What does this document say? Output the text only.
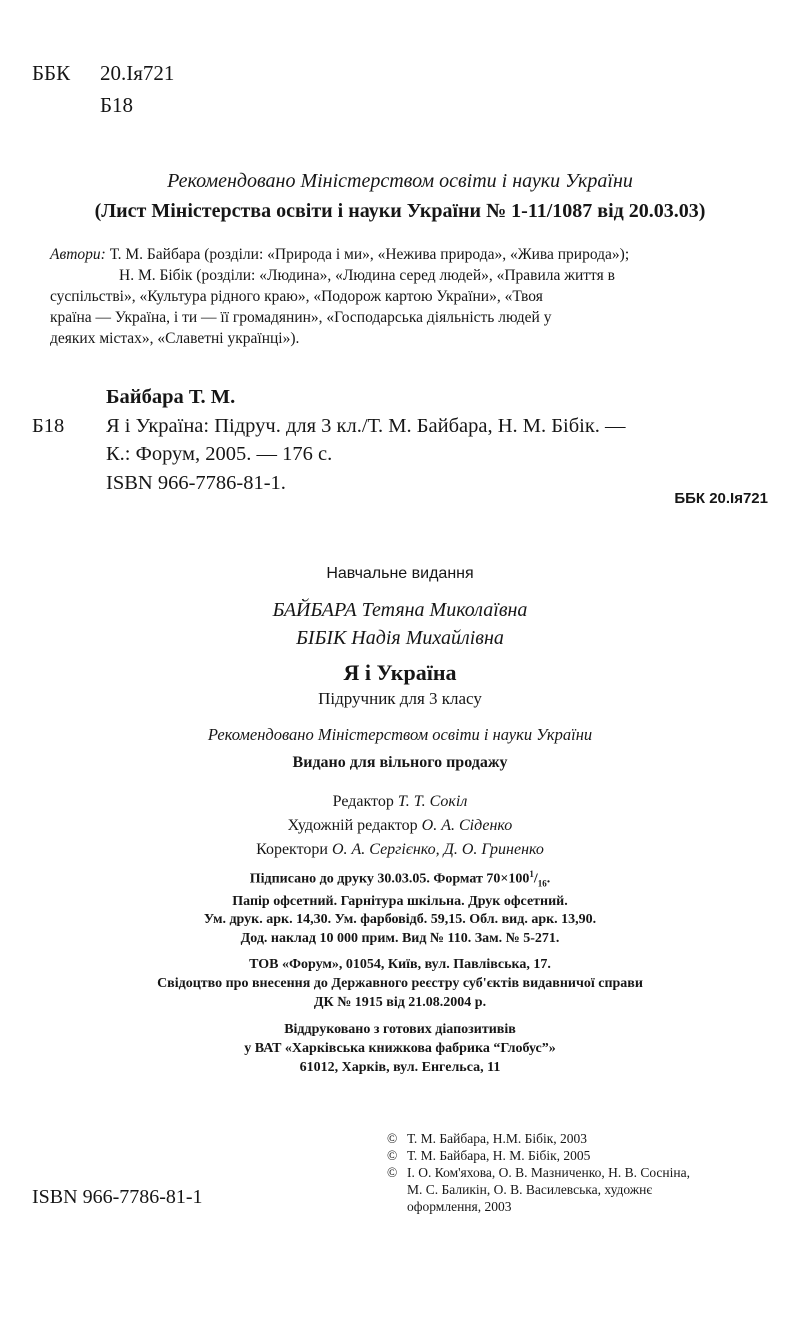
ББК 20.Ія721
Б18
Рекомендовано Міністерством освіти і науки України
(Лист Міністерства освіти і науки України № 1-11/1087 від 20.03.03)
Автори: Т. М. Байбара (розділи: «Природа і ми», «Нежива природа», «Жива природа»);
Н. М. Бібік (розділи: «Людина», «Людина серед людей», «Правила життя в
суспільстві», «Культура рідного краю», «Подорож картою України», «Твоя
країна — Україна, і ти — її громадянин», «Господарська діяльність людей у
деяких містах», «Славетні українці»).
Байбара Т. М.
Б18 Я і Україна: Підруч. для 3 кл./Т. М. Байбара, Н. М. Бібік. —
К.: Форум, 2005. — 176 с.
ISBN 966-7786-81-1.
ББК 20.Ія721
Навчальне видання
БАЙБАРА Тетяна Миколаївна
БІБІК Надія Михайлівна
Я і Україна
Підручник для 3 класу
Рекомендовано Міністерством освіти і науки України
Видано для вільного продажу
Редактор Т. Т. Сокіл
Художній редактор О. А. Сіденко
Коректори О. А. Сергієнко, Д. О. Гриненко
Підписано до друку 30.03.05. Формат $70\times 100^1/_{16}$.
Папір офсетний. Гарнітура шкільна. Друк офсетний.
Ум. друк. арк. 14,30. Ум. фарбовідб. 59,15. Обл. вид. арк. 13,90.
Дод. наклад 10 000 прим. Вид № 110. Зам. № 5-271.
ТОВ «Форум», 01054, Київ, вул. Павлівська, 17.
Свідоцтво про внесення до Державного реєстру суб'єктів видавничої справи
ДК № 1915 від 21.08.2004 р.
Віддруковано з готових діапозитивів
у ВАТ «Харківська книжкова фабрика “Глобус”»
61012, Харків, вул. Енгельса, 11
© Т. М. Байбара, Н.М. Бібік, 2003
© Т. М. Байбара, Н. М. Бібік, 2005
© І. О. Ком'яхова, О. В. Мазниченко, Н. В. Сосніна,
М. С. Балик​ін, О. В. Василевська, художнє
оформлення, 2003
ISBN 966-7786-81-1
